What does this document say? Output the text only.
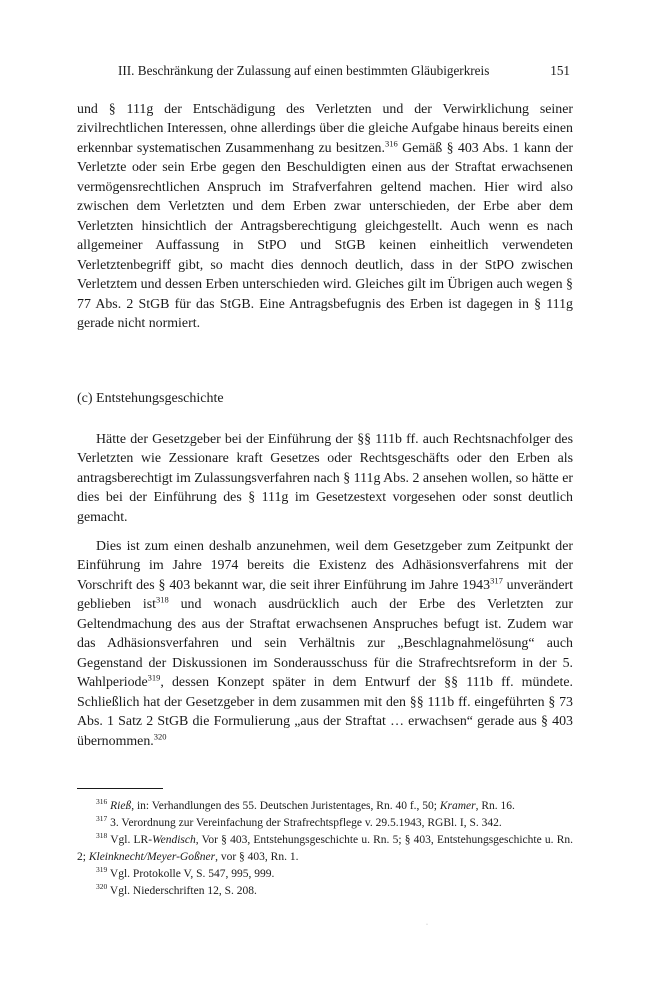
III. Beschränkung der Zulassung auf einen bestimmten Gläubigerkreis	151
und § 111g der Entschädigung des Verletzten und der Verwirklichung seiner zivilrechtlichen Interessen, ohne allerdings über die gleiche Aufgabe hinaus bereits einen erkennbar systematischen Zusammenhang zu besitzen.$^{316}$ Gemäß § 403 Abs. 1 kann der Verletzte oder sein Erbe gegen den Beschuldigten einen aus der Straftat erwachsenen vermögensrechtlichen Anspruch im Strafverfahren geltend machen. Hier wird also zwischen dem Verletzten und dem Erben zwar unterschieden, der Erbe aber dem Verletzten hinsichtlich der Antragsberechtigung gleichgestellt. Auch wenn es nach allgemeiner Auffassung in StPO und StGB keinen einheitlich verwendeten Verletztenbegriff gibt, so macht dies dennoch deutlich, dass in der StPO zwischen Verletztem und dessen Erben unterschieden wird. Gleiches gilt im Übrigen auch wegen § 77 Abs. 2 StGB für das StGB. Eine Antragsbefugnis des Erben ist dagegen in § 111g gerade nicht normiert.
(c) Entstehungsgeschichte
Hätte der Gesetzgeber bei der Einführung der §§ 111b ff. auch Rechtsnachfolger des Verletzten wie Zessionare kraft Gesetzes oder Rechtsgeschäfts oder den Erben als antragsberechtigt im Zulassungsverfahren nach § 111g Abs. 2 ansehen wollen, so hätte er dies bei der Einführung des § 111g im Gesetzestext vorgesehen oder sonst deutlich gemacht.
Dies ist zum einen deshalb anzunehmen, weil dem Gesetzgeber zum Zeitpunkt der Einführung im Jahre 1974 bereits die Existenz des Adhäsionsverfahrens mit der Vorschrift des § 403 bekannt war, die seit ihrer Einführung im Jahre 1943$^{317}$ unverändert geblieben ist$^{318}$ und wonach ausdrücklich auch der Erbe des Verletzten zur Geltendmachung des aus der Straftat erwachsenen Anspruches befugt ist. Zudem war das Adhäsionsverfahren und sein Verhältnis zur „Beschlagnahmelösung“ auch Gegenstand der Diskussionen im Sonderausschuss für die Strafrechtsreform in der 5. Wahlperiode$^{319}$, dessen Konzept später in dem Entwurf der §§ 111b ff. mündete. Schließlich hat der Gesetzgeber in dem zusammen mit den §§ 111b ff. eingeführten § 73 Abs. 1 Satz 2 StGB die Formulierung „aus der Straftat … erwachsen“ gerade aus § 403 übernommen.$^{320}$

$^{316}$ Rieß, in: Verhandlungen des 55. Deutschen Juristentages, Rn. 40 f., 50; Kramer, Rn. 16.

$^{317}$ 3. Verordnung zur Vereinfachung der Strafrechtspflege v. 29.5.1943, RGBl. I, S. 342.

$^{318}$ Vgl. LR-Wendisch, Vor § 403, Entstehungsgeschichte u. Rn. 5; § 403, Entstehungsgeschichte u. Rn. 2; Kleinknecht/Meyer-Goßner, vor § 403, Rn. 1.

$^{319}$ Vgl. Protokolle V, S. 547, 995, 999.

$^{320}$ Vgl. Niederschriften 12, S. 208.

·
